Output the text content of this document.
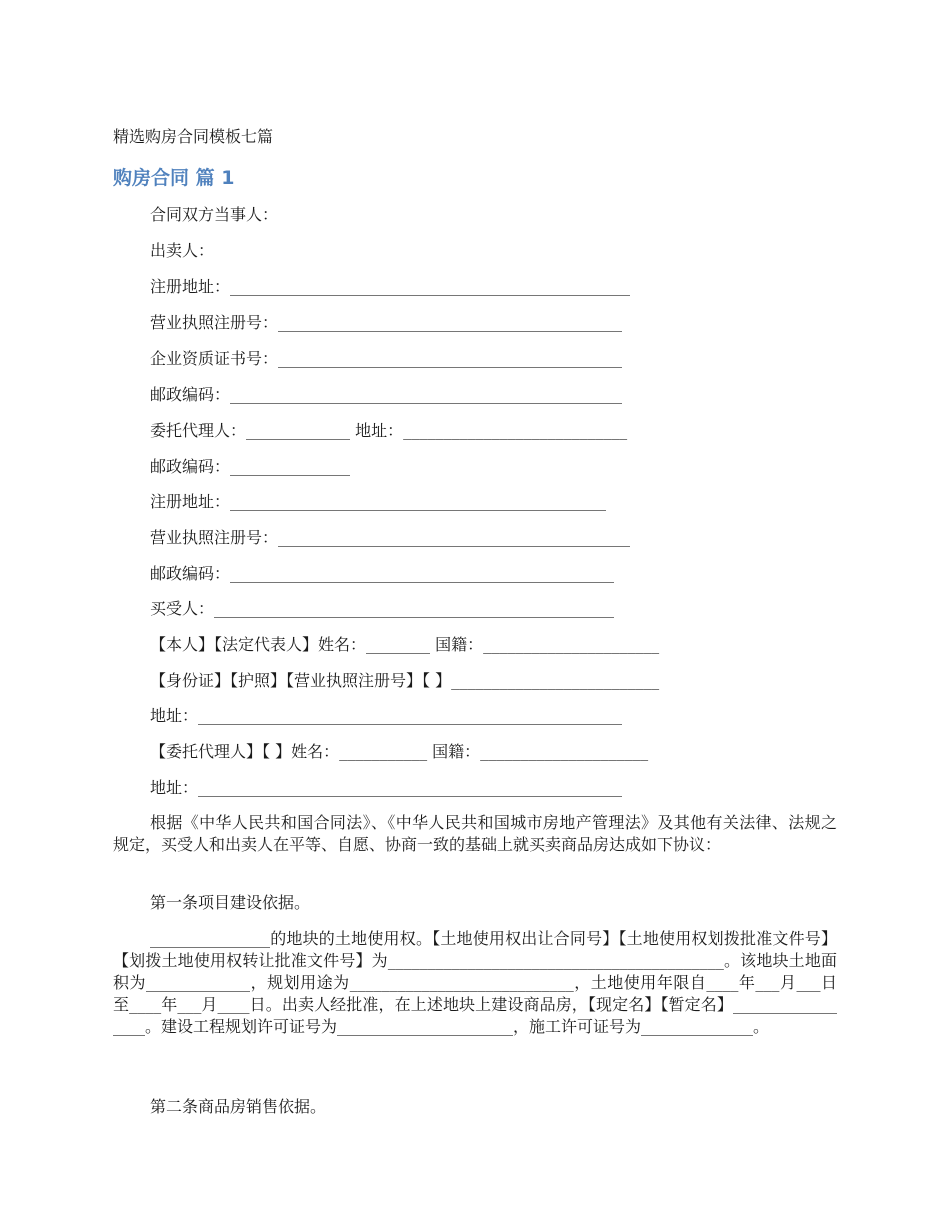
精选购房合同模板七篇
购房合同 篇 1
合同双方当事人：
出卖人：
注册地址：__________________________________________________
营业执照注册号：___________________________________________
企业资质证书号：___________________________________________
邮政编码：_________________________________________________
委托代理人：_____________ 地址：____________________________
邮政编码：_______________
注册地址：_______________________________________________
营业执照注册号：____________________________________________
邮政编码：________________________________________________
买受人：__________________________________________________
【本人】【法定代表人】姓名：________ 国籍：______________________
【身份证】【护照】【营业执照注册号】【 】__________________________
地址：_____________________________________________________
【委托代理人】【 】姓名：___________ 国籍：_____________________
地址：_____________________________________________________
根据《中华人民共和国合同法》、《中华人民共和国城市房地产管理法》及其他有关法律、法规之规定，买受人和出卖人在平等、自愿、协商一致的基础上就买卖商品房达成如下协议：
第一条项目建设依据。
_______________的地块的土地使用权。【土地使用权出让合同号】【土地使用权划拨批准文件号】【划拨土地使用权转让批准文件号】为__________________________________________。该地块土地面积为_____________，规划用途为____________________________，土地使用年限自____年___月___日至____年___月____日。出卖人经批准，在上述地块上建设商品房，【现定名】【暂定名】_________________。建设工程规划许可证号为______________________，施工许可证号为______________。
第二条商品房销售依据。
